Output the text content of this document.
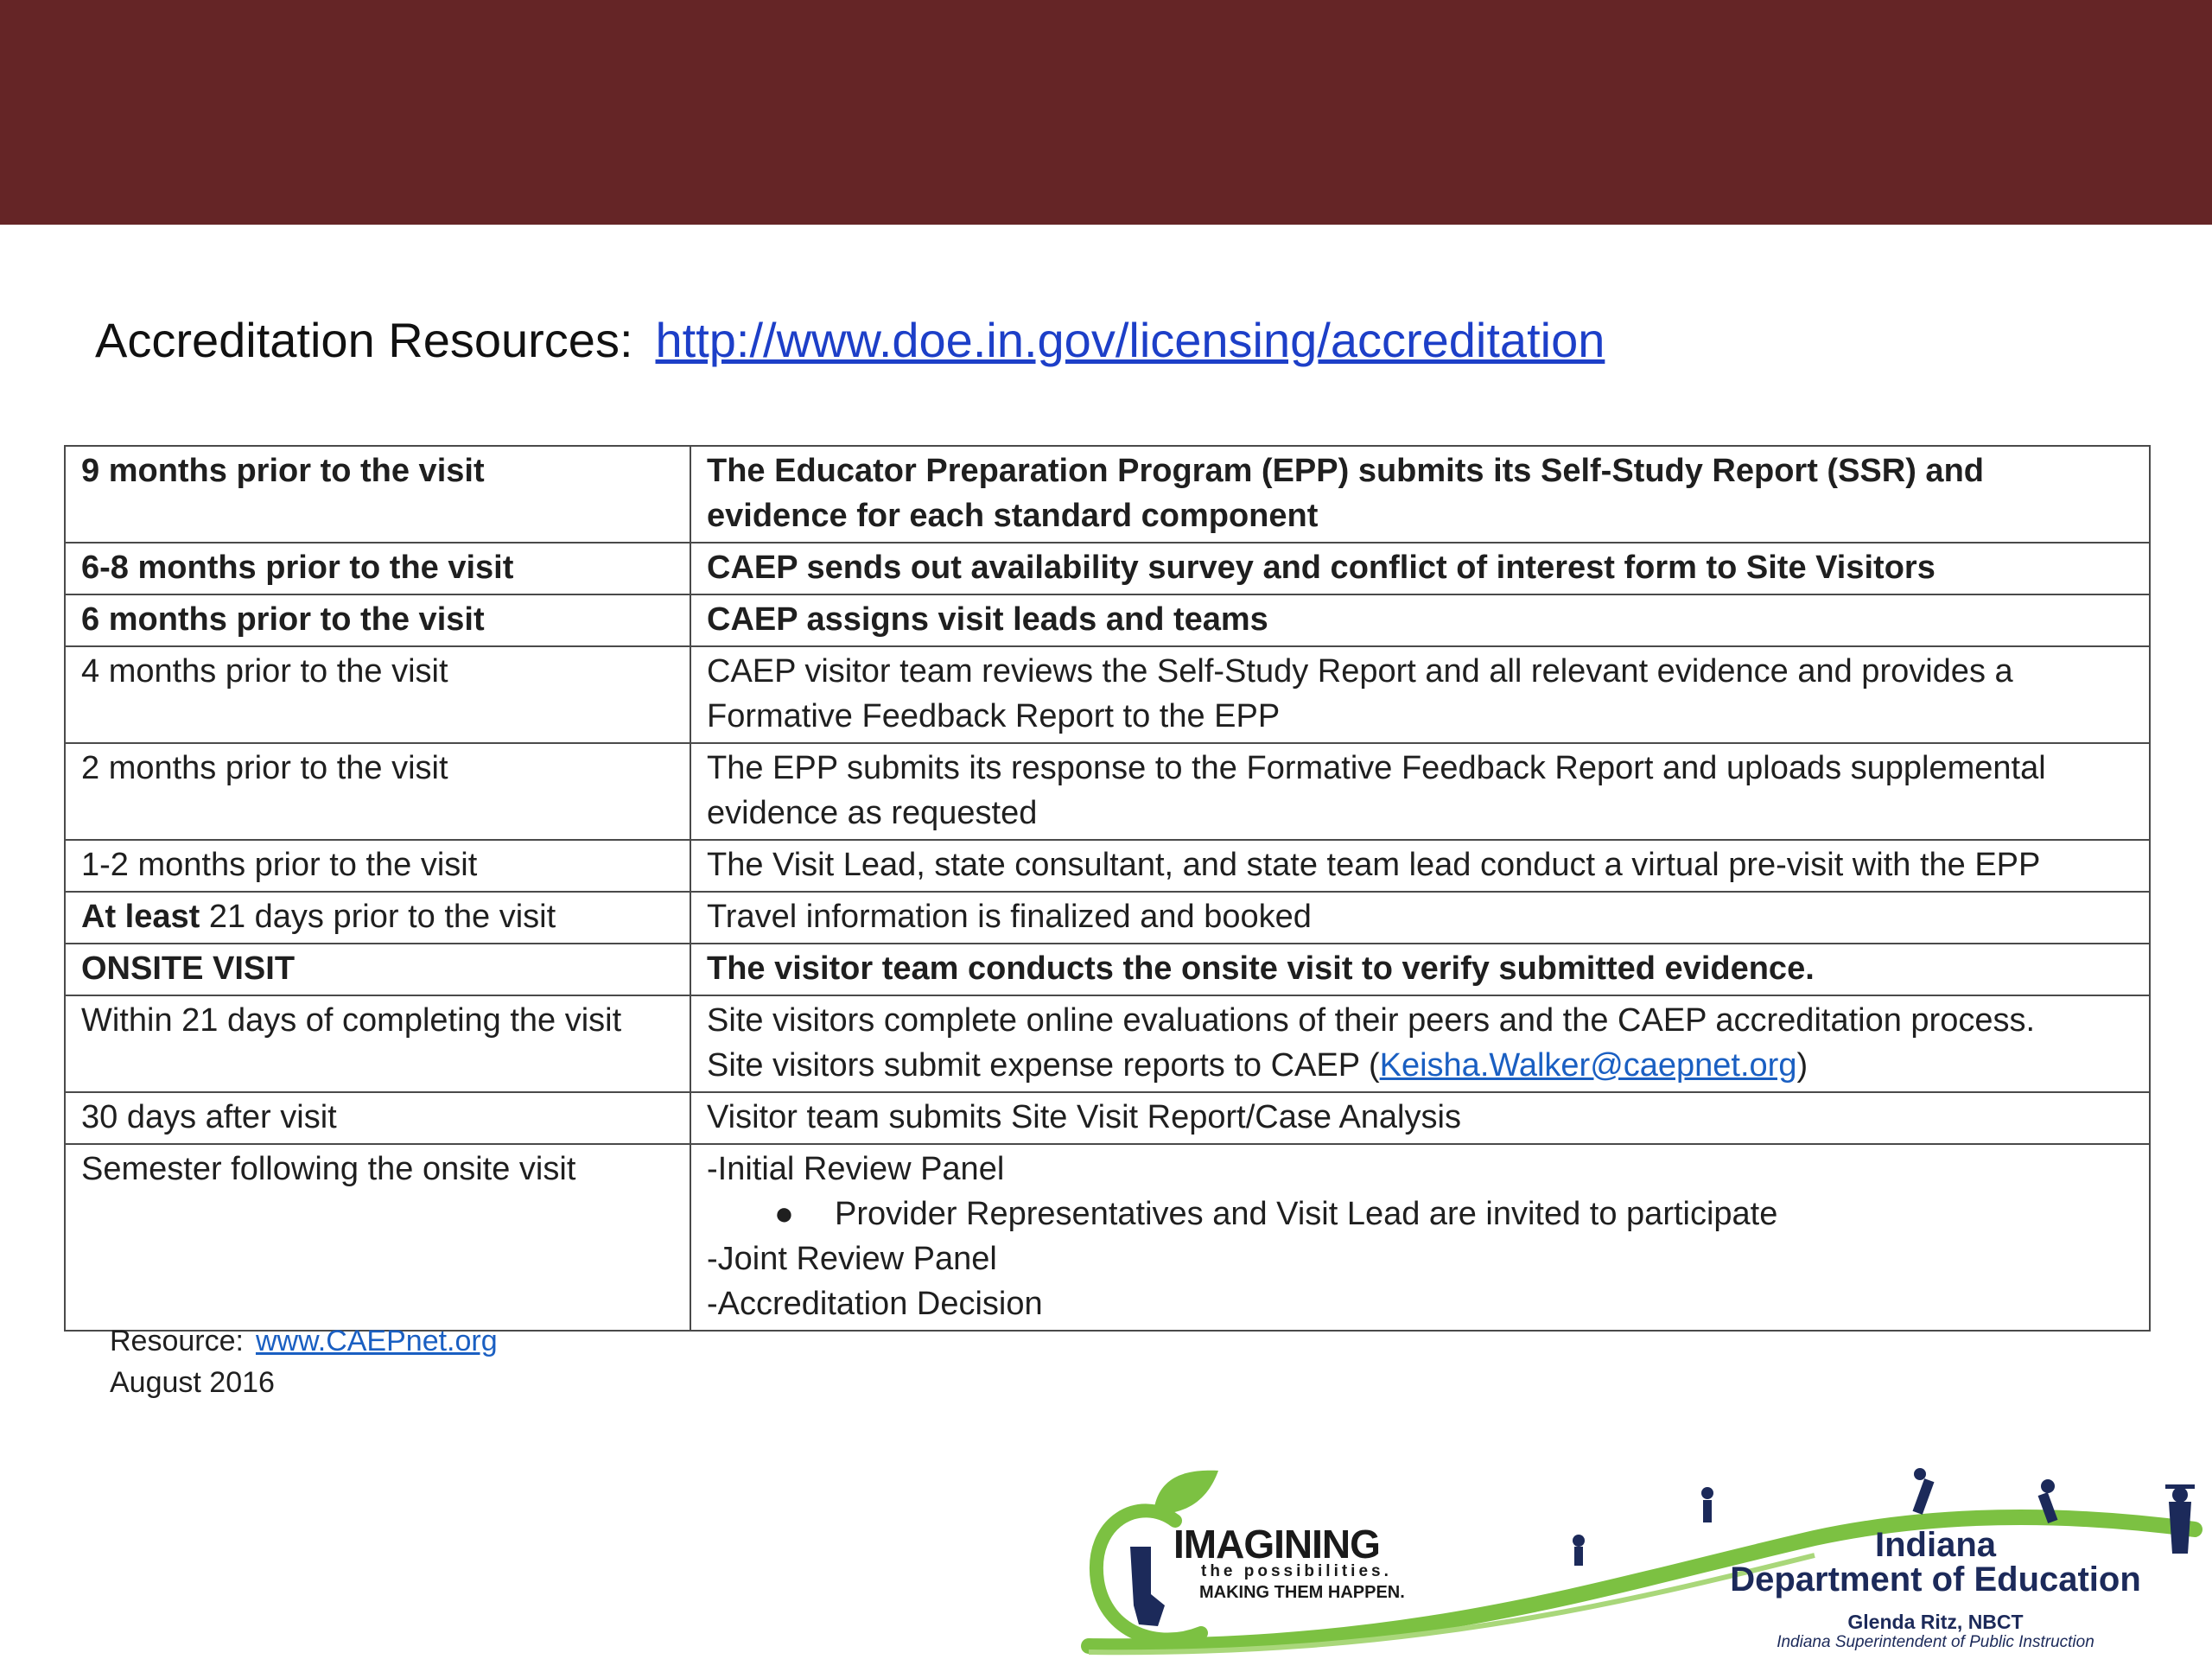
Accreditation Resources: http://www.doe.in.gov/licensing/accreditation
9 months prior to the visit	The Educator Preparation Program (EPP) submits its Self-Study Report (SSR) and evidence for each standard component
6-8 months prior to the visit	CAEP sends out availability survey and conflict of interest form to Site Visitors
6 months prior to the visit	CAEP assigns visit leads and teams
4 months prior to the visit	CAEP visitor team reviews the Self-Study Report and all relevant evidence and provides a Formative Feedback Report to the EPP
2 months prior to the visit	The EPP submits its response to the Formative Feedback Report and uploads supplemental evidence as requested
1-2 months prior to the visit	The Visit Lead, state consultant, and state team lead conduct a virtual pre-visit with the EPP
At least 21 days prior to the visit	Travel information is finalized and booked
ONSITE VISIT	The visitor team conducts the onsite visit to verify submitted evidence.
Within 21 days of completing the visit	Site visitors complete online evaluations of their peers and the CAEP accreditation process.
Site visitors submit expense reports to CAEP (Keisha.Walker@caepnet.org)

30 days after visit	Visitor team submits Site Visit Report/Case Analysis
Semester following the onsite visit	-Initial Review Panel
● Provider Representatives and Visit Lead are invited to participate
-Joint Review Panel
-Accreditation Decision
Resource: www.CAEPnet.org
August 2016
IMAGINING
the possibilities.
MAKING THEM HAPPEN.
Indiana
Department of Education
Glenda Ritz, NBCT
Indiana Superintendent of Public Instruction
